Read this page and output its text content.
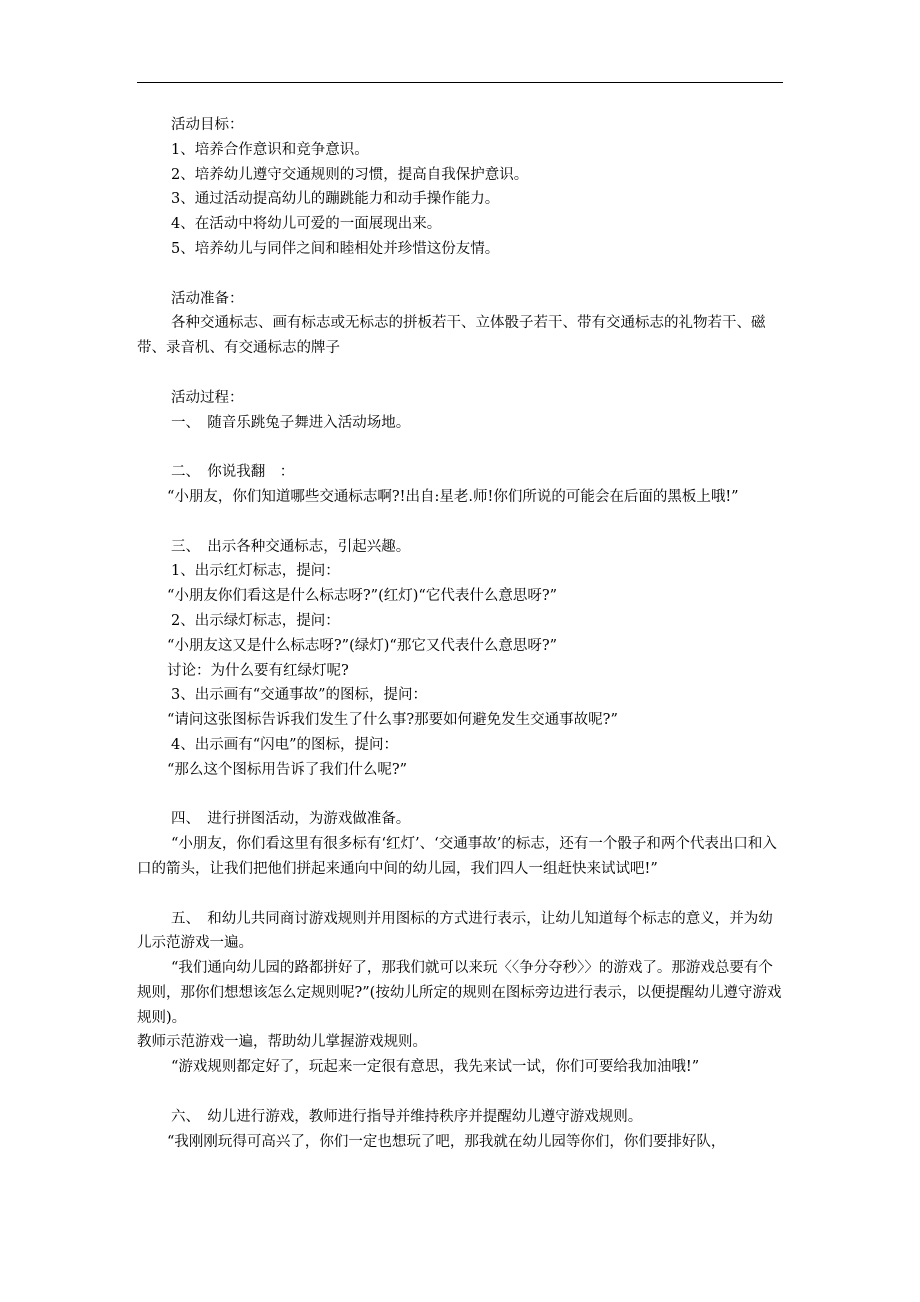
活动目标：

1、培养合作意识和竞争意识。

2、培养幼儿遵守交通规则的习惯，提高自我保护意识。

3、通过活动提高幼儿的蹦跳能力和动手操作能力。

4、在活动中将幼儿可爱的一面展现出来。

5、培养幼儿与同伴之间和睦相处并珍惜这份友情。

活动准备：

各种交通标志、画有标志或无标志的拼板若干、立体骰子若干、带有交通标志的礼物若干、磁带、录音机、有交通标志的牌子

活动过程：

一、　随音乐跳兔子舞进入活动场地。

二、　你说我翻　：

“小朋友，你们知道哪些交通标志啊?!出自:星老.师!你们所说的可能会在后面的黑板上哦!”

三、　出示各种交通标志，引起兴趣。

1、出示红灯标志，提问：

“小朋友你们看这是什么标志呀?”(红灯)“它代表什么意思呀?”

2、出示绿灯标志，提问：

“小朋友这又是什么标志呀?”(绿灯)“那它又代表什么意思呀?”

讨论：为什么要有红绿灯呢?

3、出示画有“交通事故”的图标，提问：

“请问这张图标告诉我们发生了什么事?那要如何避免发生交通事故呢?”

4、出示画有“闪电”的图标，提问：

“那么这个图标用告诉了我们什么呢?”

四、　进行拼图活动，为游戏做准备。

“小朋友，你们看这里有很多标有‘红灯’、‘交通事故’的标志，还有一个骰子和两个代表出口和入口的箭头，让我们把他们拼起来通向中间的幼儿园，我们四人一组赶快来试试吧!”

五、　和幼儿共同商讨游戏规则并用图标的方式进行表示，让幼儿知道每个标志的意义，并为幼儿示范游戏一遍。

“我们通向幼儿园的路都拼好了，那我们就可以来玩〈〈争分夺秒〉〉的游戏了。那游戏总要有个规则，那你们想想该怎么定规则呢?”(按幼儿所定的规则在图标旁边进行表示，以便提醒幼儿遵守游戏规则)。

教师示范游戏一遍，帮助幼儿掌握游戏规则。

“游戏规则都定好了，玩起来一定很有意思，我先来试一试，你们可要给我加油哦!”

六、　幼儿进行游戏，教师进行指导并维持秩序并提醒幼儿遵守游戏规则。

“我刚刚玩得可高兴了，你们一定也想玩了吧，那我就在幼儿园等你们，你们要排好队，
